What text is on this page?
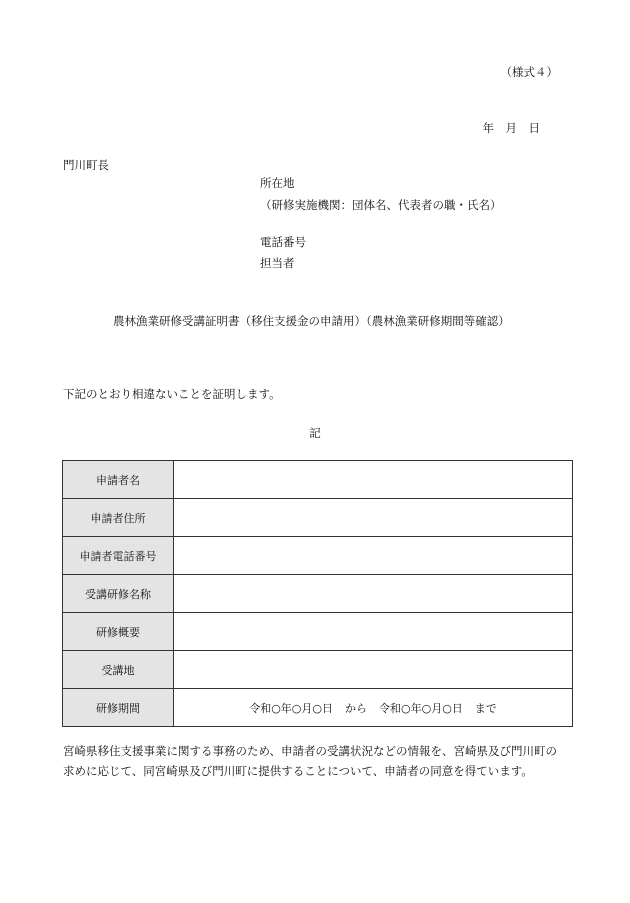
（様式４）
年　月　日
門川町長
所在地
（研修実施機関：団体名、代表者の職・氏名）
電話番号
担当者
農林漁業研修受講証明書（移住支援金の申請用）（農林漁業研修期間等確認）
下記のとおり相違ないことを証明します。
記
申請者名	
申請者住所	
申請者電話番号	
受講研修名称	
研修概要	
受講地	
研修期間	令和○年○月○日 から 令和○年○月○日 まで
宮崎県移住支援事業に関する事務のため、申請者の受講状況などの情報を、宮崎県及び門川町の
求めに応じて、同宮崎県及び門川町に提供することについて、申請者の同意を得ています。
